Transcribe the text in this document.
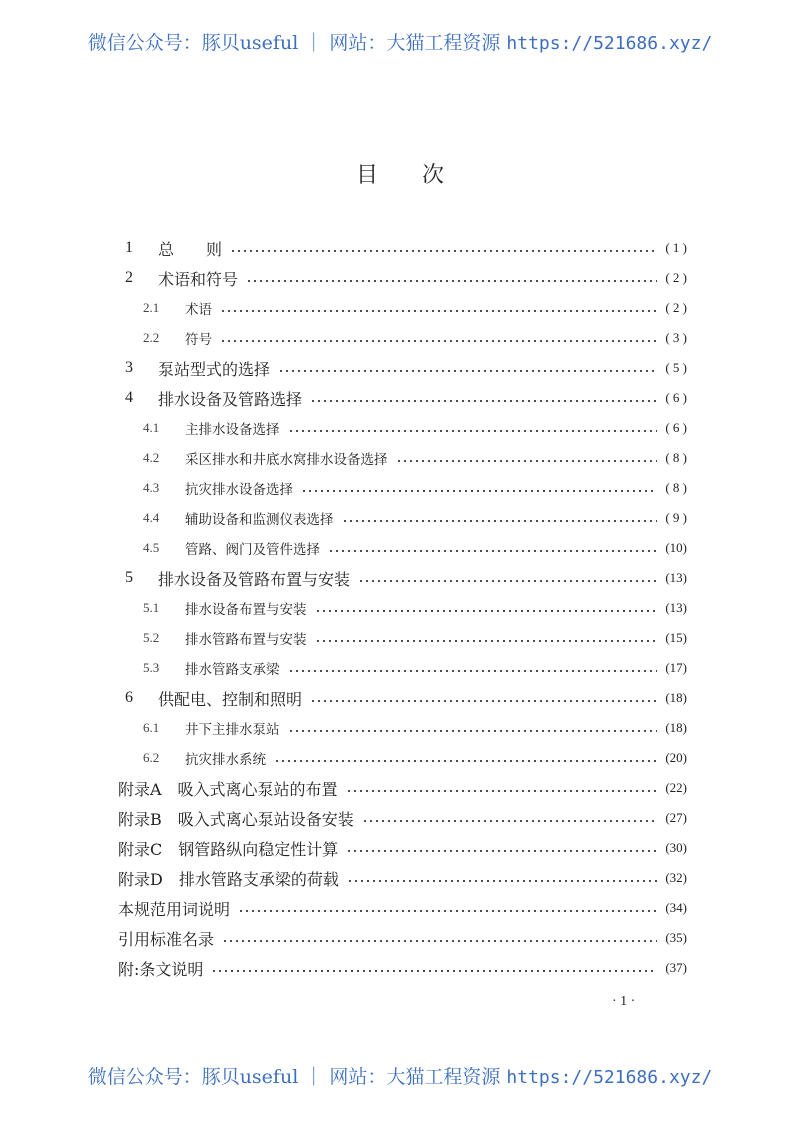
微信公众号：豚贝useful ｜ 网站：大猫工程资源 https://521686.xyz/
目次
1	总　　则	( 1 )
2	术语和符号	( 2 )
2.1	术语	( 2 )
2.2	符号	( 3 )
3	泵站型式的选择	( 5 )
4	排水设备及管路选择	( 6 )
4.1	主排水设备选择	( 6 )
4.2	采区排水和井底水窝排水设备选择	( 8 )
4.3	抗灾排水设备选择	( 8 )
4.4	辅助设备和监测仪表选择	( 9 )
4.5	管路、阀门及管件选择	(10)
5	排水设备及管路布置与安装	(13)
5.1	排水设备布置与安装	(13)
5.2	排水管路布置与安装	(15)
5.3	排水管路支承梁	(17)
6	供配电、控制和照明	(18)
6.1	井下主排水泵站	(18)
6.2	抗灾排水系统	(20)
附录A　吸入式离心泵站的布置	(22)
附录B　吸入式离心泵站设备安装	(27)
附录C　钢管路纵向稳定性计算	(30)
附录D　排水管路支承梁的荷载	(32)
本规范用词说明	(34)
引用标准名录	(35)
附:条文说明	(37)
· 1 ·
微信公众号：豚贝useful ｜ 网站：大猫工程资源 https://521686.xyz/
